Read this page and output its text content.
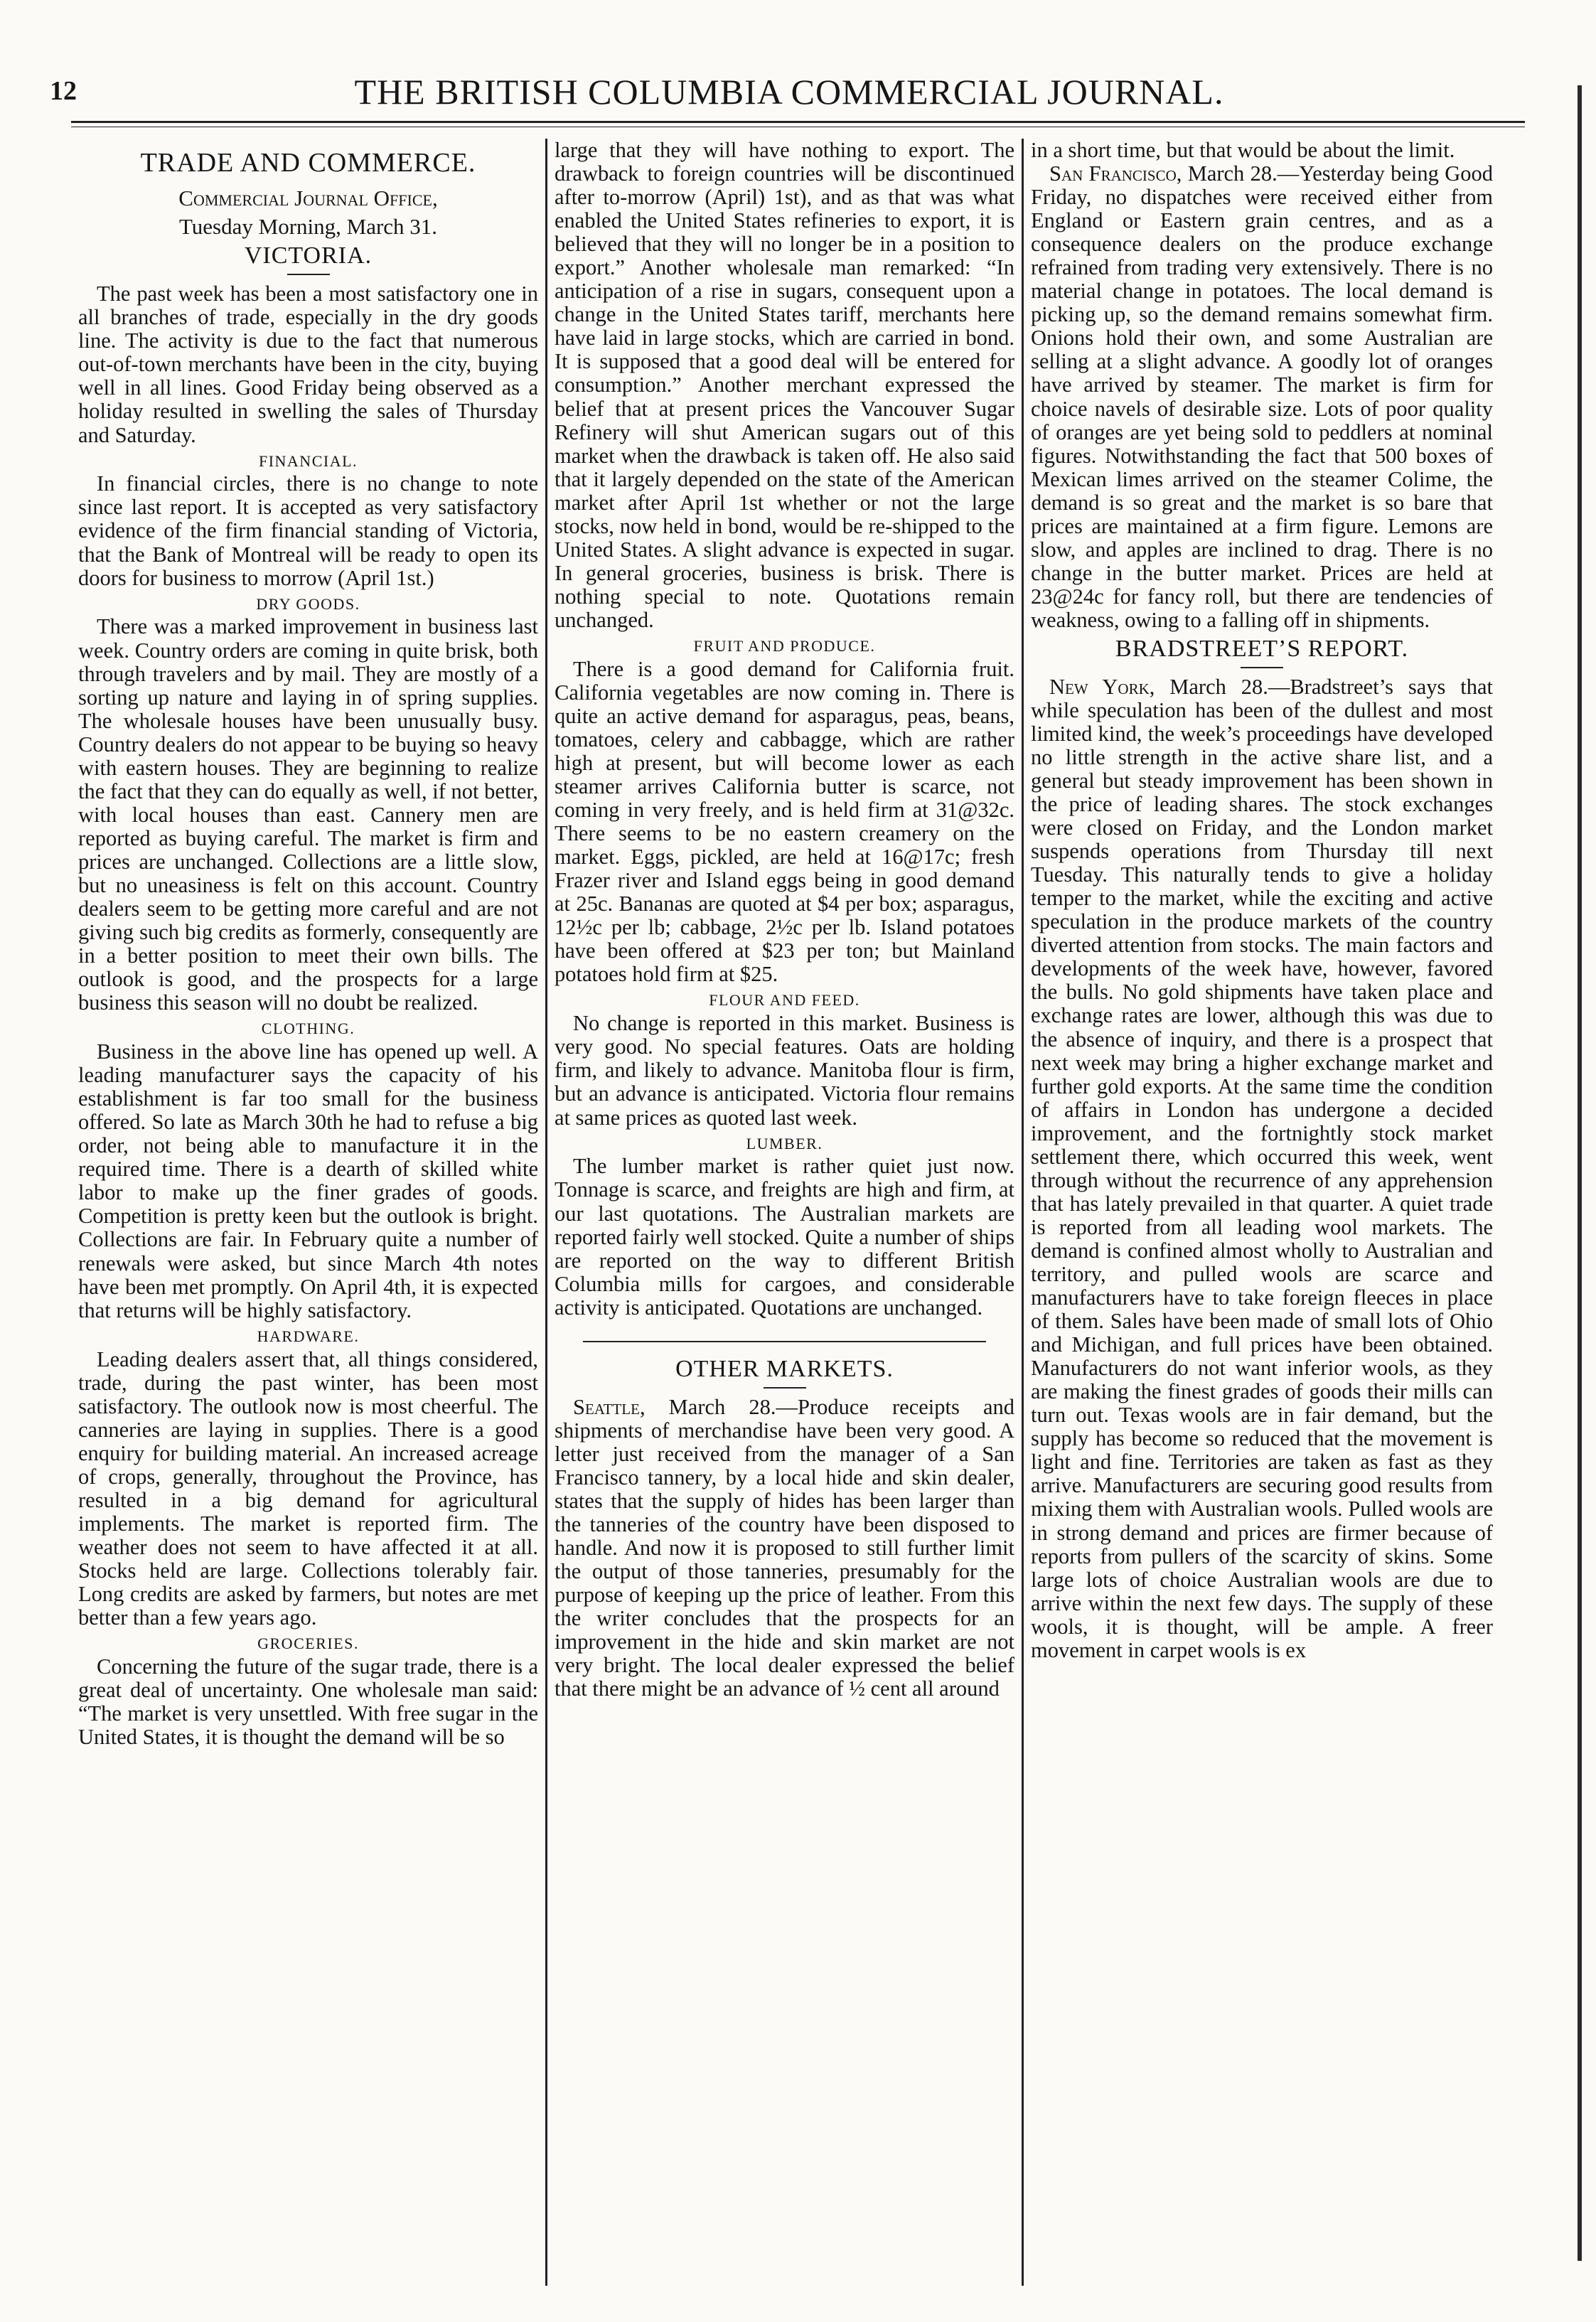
12	THE BRITISH COLUMBIA COMMERCIAL JOURNAL.
TRADE AND COMMERCE.
Commercial Journal Office,
Tuesday Morning, March 31.
VICTORIA.

The past week has been a most satisfactory one in all branches of trade, especially in the dry goods line. The activity is due to the fact that numerous out-of-town merchants have been in the city, buying well in all lines. Good Friday being observed as a holiday resulted in swelling the sales of Thursday and Saturday.

FINANCIAL.

In financial circles, there is no change to note since last report. It is accepted as very satisfactory evidence of the firm financial standing of Victoria, that the Bank of Montreal will be ready to open its doors for business to morrow (April 1st.)

DRY GOODS.

There was a marked improvement in business last week. Country orders are coming in quite brisk, both through travelers and by mail. They are mostly of a sorting up nature and laying in of spring supplies. The wholesale houses have been unusually busy. Country dealers do not appear to be buying so heavy with eastern houses. They are beginning to realize the fact that they can do equally as well, if not better, with local houses than east. Cannery men are reported as buying careful. The market is firm and prices are unchanged. Collections are a little slow, but no uneasiness is felt on this account. Country dealers seem to be getting more careful and are not giving such big credits as formerly, consequently are in a better position to meet their own bills. The outlook is good, and the prospects for a large business this season will no doubt be realized.

CLOTHING.

Business in the above line has opened up well. A leading manufacturer says the capacity of his establishment is far too small for the business offered. So late as March 30th he had to refuse a big order, not being able to manufacture it in the required time. There is a dearth of skilled white labor to make up the finer grades of goods. Competition is pretty keen but the outlook is bright. Collections are fair. In February quite a number of renewals were asked, but since March 4th notes have been met promptly. On April 4th, it is expected that returns will be highly satisfactory.

HARDWARE.

Leading dealers assert that, all things considered, trade, during the past winter, has been most satisfactory. The outlook now is most cheerful. The canneries are laying in supplies. There is a good enquiry for building material. An increased acreage of crops, generally, throughout the Province, has resulted in a big demand for agricultural implements. The market is reported firm. The weather does not seem to have affected it at all. Stocks held are large. Collections tolerably fair. Long credits are asked by farmers, but notes are met better than a few years ago.

GROCERIES.

Concerning the future of the sugar trade, there is a great deal of uncertainty. One wholesale man said: “The market is very unsettled. With free sugar in the United States, it is thought the demand will be so

large that they will have nothing to export. The drawback to foreign countries will be discontinued after to-morrow (April) 1st), and as that was what enabled the United States refineries to export, it is believed that they will no longer be in a position to export.” Another wholesale man remarked: “In anticipation of a rise in sugars, consequent upon a change in the United States tariff, merchants here have laid in large stocks, which are carried in bond. It is supposed that a good deal will be entered for consumption.” Another merchant expressed the belief that at present prices the Vancouver Sugar Refinery will shut American sugars out of this market when the drawback is taken off. He also said that it largely depended on the state of the American market after April 1st whether or not the large stocks, now held in bond, would be re-shipped to the United States. A slight advance is expected in sugar. In general groceries, business is brisk. There is nothing special to note. Quotations remain unchanged.

FRUIT AND PRODUCE.

There is a good demand for California fruit. California vegetables are now coming in. There is quite an active demand for asparagus, peas, beans, tomatoes, celery and cabbagge, which are rather high at present, but will become lower as each steamer arrives California butter is scarce, not coming in very freely, and is held firm at 31@32c. There seems to be no eastern creamery on the market. Eggs, pickled, are held at 16@17c; fresh Frazer river and Island eggs being in good demand at 25c. Bananas are quoted at $4 per box; asparagus, 12½c per lb; cabbage, 2½c per lb. Island potatoes have been offered at $23 per ton; but Mainland potatoes hold firm at $25.

FLOUR AND FEED.

No change is reported in this market. Business is very good. No special features. Oats are holding firm, and likely to advance. Manitoba flour is firm, but an advance is anticipated. Victoria flour remains at same prices as quoted last week.

LUMBER.

The lumber market is rather quiet just now. Tonnage is scarce, and freights are high and firm, at our last quotations. The Australian markets are reported fairly well stocked. Quite a number of ships are reported on the way to different British Columbia mills for cargoes, and considerable activity is anticipated. Quotations are unchanged.

OTHER MARKETS.

Seattle, March 28.—Produce receipts and shipments of merchandise have been very good. A letter just received from the manager of a San Francisco tannery, by a local hide and skin dealer, states that the supply of hides has been larger than the tanneries of the country have been disposed to handle. And now it is proposed to still further limit the output of those tanneries, presumably for the purpose of keeping up the price of leather. From this the writer concludes that the prospects for an improvement in the hide and skin market are not very bright. The local dealer expressed the belief that there might be an advance of ½ cent all around

in a short time, but that would be about the limit.

San Francisco, March 28.—Yesterday being Good Friday, no dispatches were received either from England or Eastern grain centres, and as a consequence dealers on the produce exchange refrained from trading very extensively. There is no material change in potatoes. The local demand is picking up, so the demand remains somewhat firm. Onions hold their own, and some Australian are selling at a slight advance. A goodly lot of oranges have arrived by steamer. The market is firm for choice navels of desirable size. Lots of poor quality of oranges are yet being sold to peddlers at nominal figures. Notwithstanding the fact that 500 boxes of Mexican limes arrived on the steamer Colime, the demand is so great and the market is so bare that prices are maintained at a firm figure. Lemons are slow, and apples are inclined to drag. There is no change in the butter market. Prices are held at 23@24c for fancy roll, but there are tendencies of weakness, owing to a falling off in shipments.

BRADSTREET’S REPORT.

New York, March 28.—Bradstreet’s says that while speculation has been of the dullest and most limited kind, the week’s proceedings have developed no little strength in the active share list, and a general but steady improvement has been shown in the price of leading shares. The stock exchanges were closed on Friday, and the London market suspends operations from Thursday till next Tuesday. This naturally tends to give a holiday temper to the market, while the exciting and active speculation in the produce markets of the country diverted attention from stocks. The main factors and developments of the week have, however, favored the bulls. No gold shipments have taken place and exchange rates are lower, although this was due to the absence of inquiry, and there is a prospect that next week may bring a higher exchange market and further gold exports. At the same time the condition of affairs in London has undergone a decided improvement, and the fortnightly stock market settlement there, which occurred this week, went through without the recurrence of any apprehension that has lately prevailed in that quarter. A quiet trade is reported from all leading wool markets. The demand is confined almost wholly to Australian and territory, and pulled wools are scarce and manufacturers have to take foreign fleeces in place of them. Sales have been made of small lots of Ohio and Michigan, and full prices have been obtained. Manufacturers do not want inferior wools, as they are making the finest grades of goods their mills can turn out. Texas wools are in fair demand, but the supply has become so reduced that the movement is light and fine. Territories are taken as fast as they arrive. Manufacturers are securing good results from mixing them with Australian wools. Pulled wools are in strong demand and prices are firmer because of reports from pullers of the scarcity of skins. Some large lots of choice Australian wools are due to arrive within the next few days. The supply of these wools, it is thought, will be ample. A freer movement in carpet wools is ex
